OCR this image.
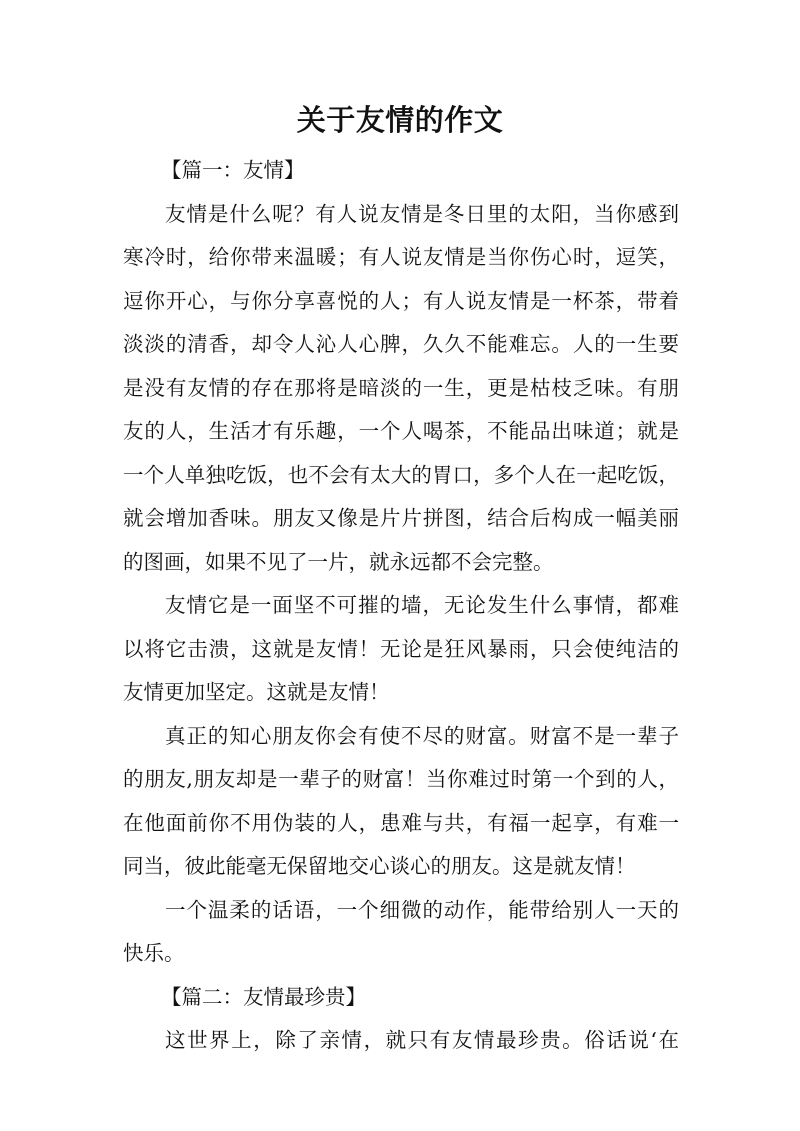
关于友情的作文
【篇一：友情】
友情是什么呢？有人说友情是冬日里的太阳，当你感到
寒冷时，给你带来温暖；有人说友情是当你伤心时，逗笑，
逗你开心，与你分享喜悦的人；有人说友情是一杯茶，带着
淡淡的清香，却令人沁人心脾，久久不能难忘。人的一生要
是没有友情的存在那将是暗淡的一生，更是枯枝乏味。有朋
友的人，生活才有乐趣，一个人喝茶，不能品出味道；就是
一个人单独吃饭，也不会有太大的胃口，多个人在一起吃饭，
就会增加香味。朋友又像是片片拼图，结合后构成一幅美丽
的图画，如果不见了一片，就永远都不会完整。
友情它是一面坚不可摧的墙，无论发生什么事情，都难
以将它击溃，这就是友情！无论是狂风暴雨，只会使纯洁的
友情更加坚定。这就是友情！
真正的知心朋友你会有使不尽的财富。财富不是一辈子
的朋友,朋友却是一辈子的财富！当你难过时第一个到的人，
在他面前你不用伪装的人，患难与共，有福一起享，有难一
同当，彼此能毫无保留地交心谈心的朋友。这是就友情！
一个温柔的话语，一个细微的动作，能带给别人一天的
快乐。
【篇二：友情最珍贵】
这世界上，除了亲情，就只有友情最珍贵。俗话说‘在
